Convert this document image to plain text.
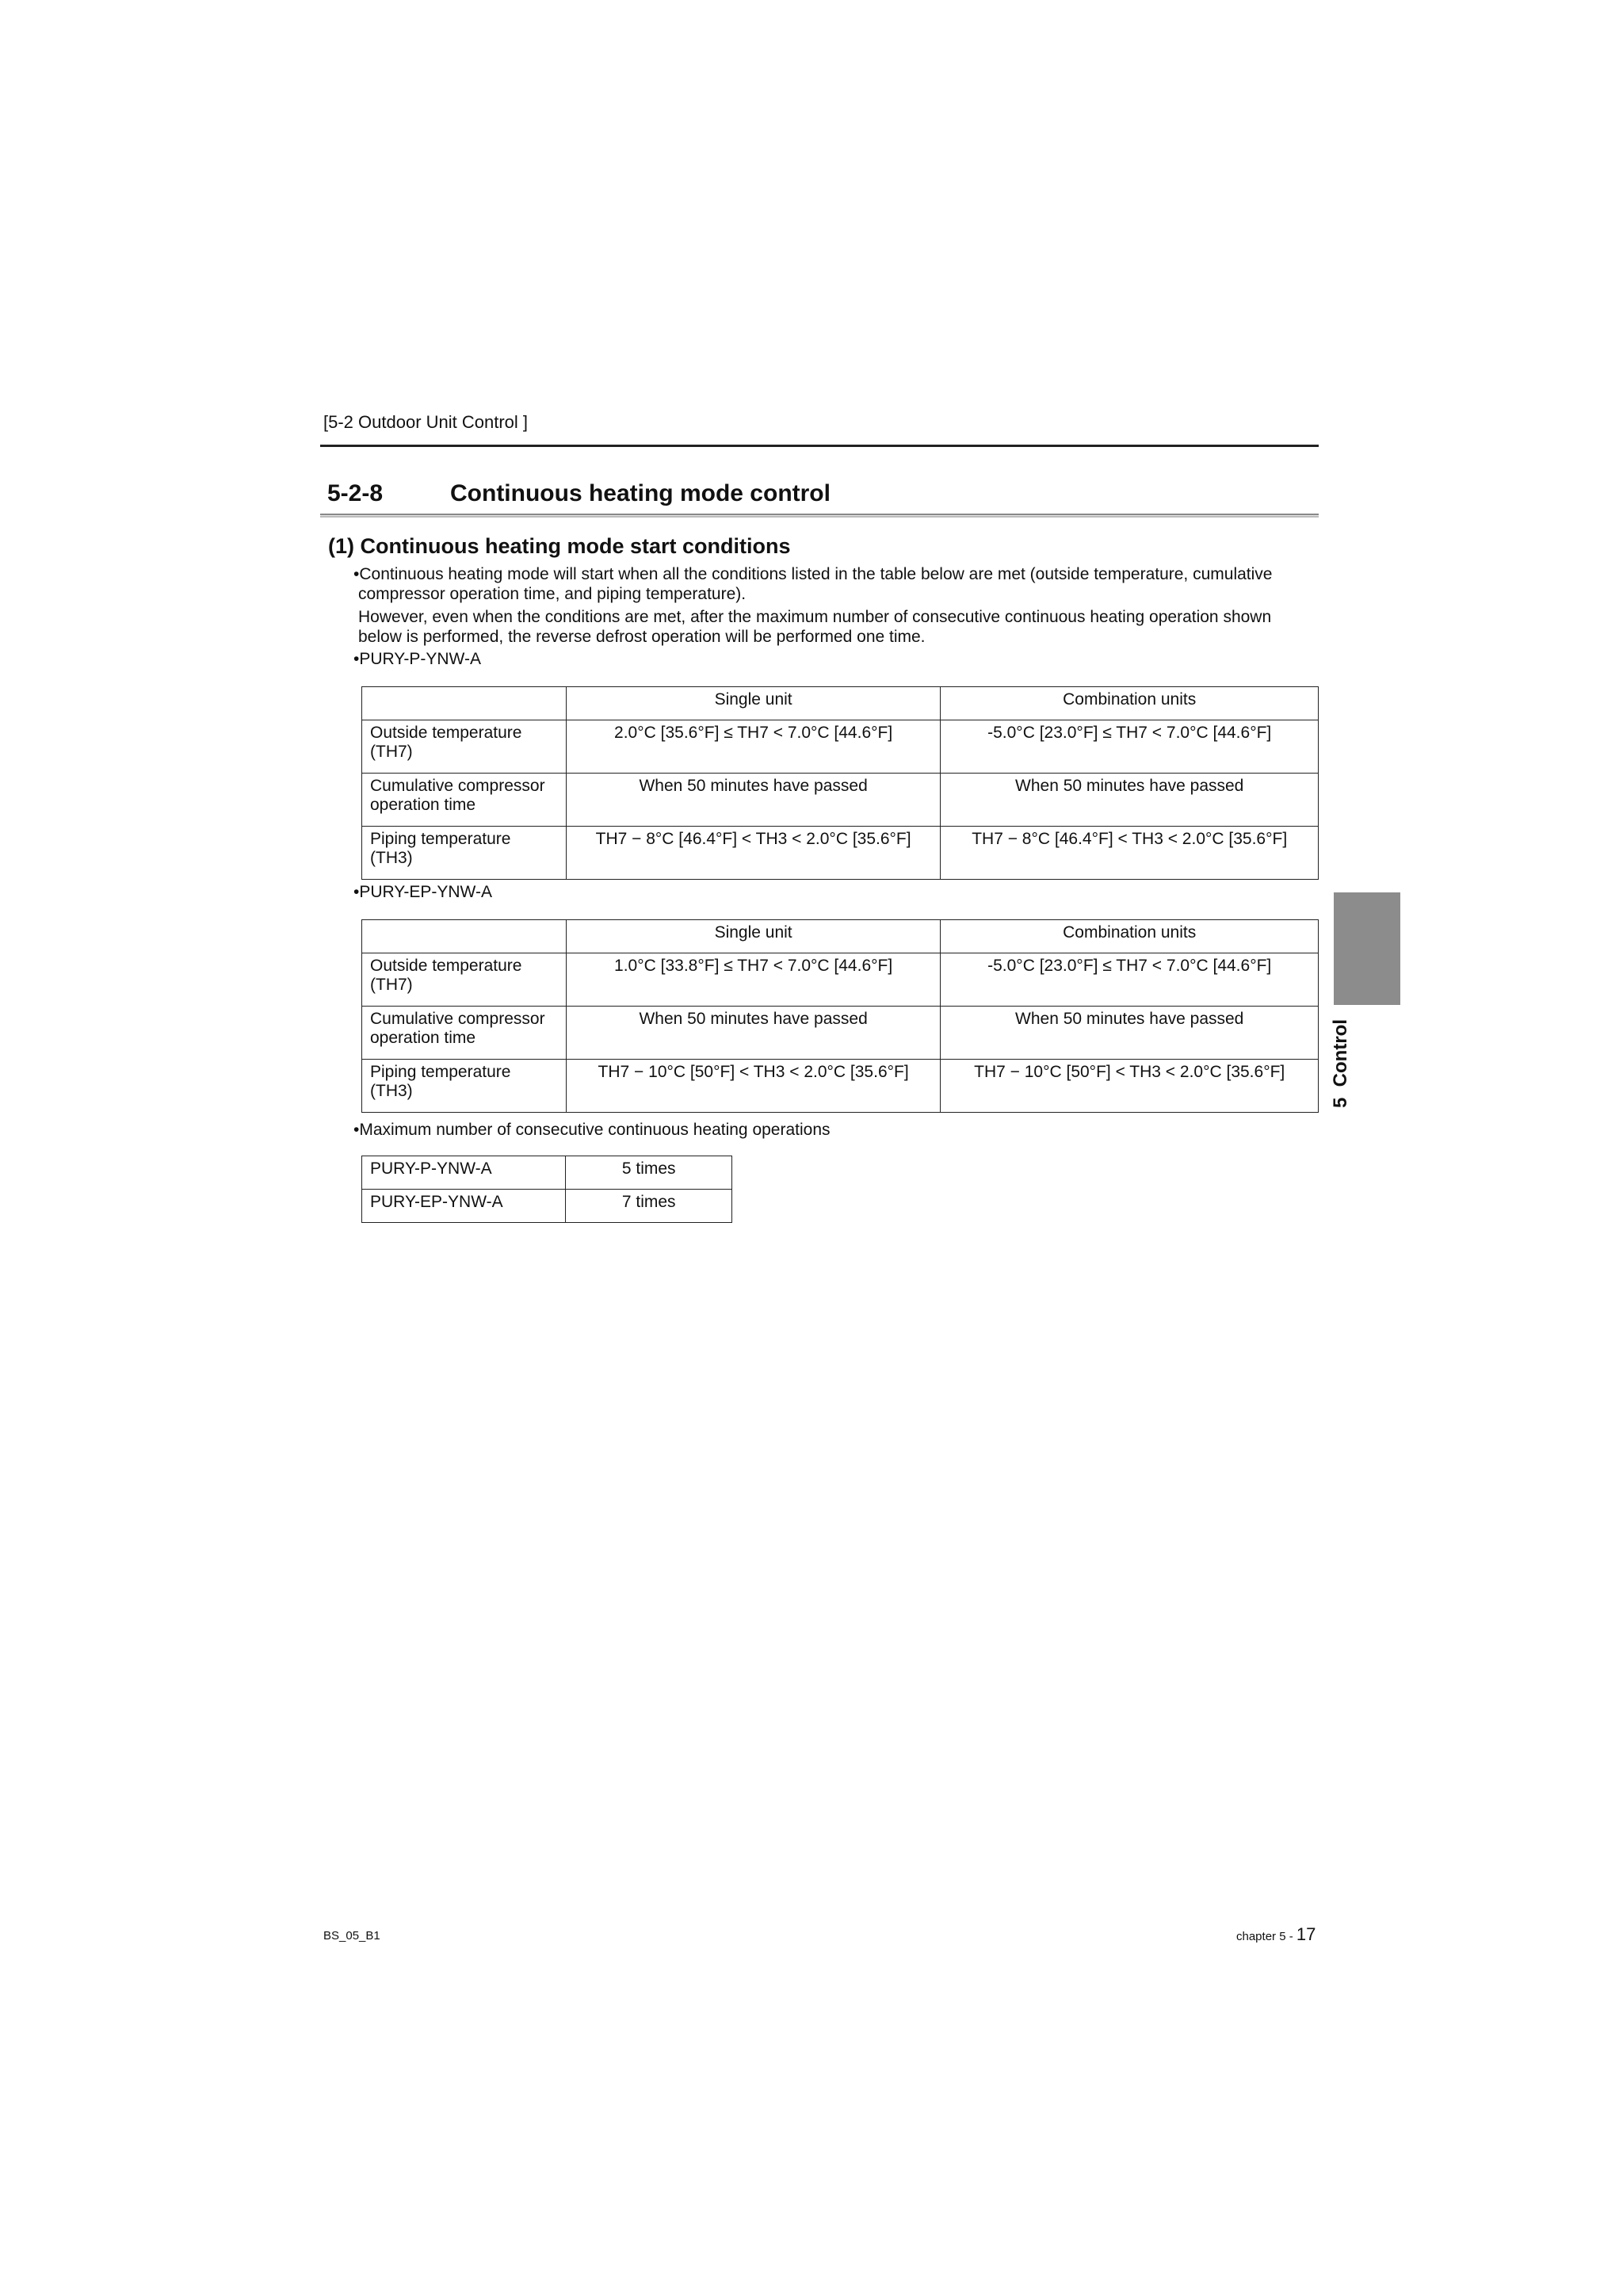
[5-2 Outdoor Unit Control ]
5-2-8	Continuous heating mode control
(1) Continuous heating mode start conditions
•Continuous heating mode will start when all the conditions listed in the table below are met (outside temperature, cumulative
compressor operation time, and piping temperature).
However, even when the conditions are met, after the maximum number of consecutive continuous heating operation shown
below is performed, the reverse defrost operation will be performed one time.
•PURY-P-YNW-A
	Single unit	Combination units
Outside temperature
(TH7)	2.0°C [35.6°F] ≤ TH7 < 7.0°C [44.6°F]	-5.0°C [23.0°F] ≤ TH7 < 7.0°C [44.6°F]
Cumulative compressor
operation time	When 50 minutes have passed	When 50 minutes have passed
Piping temperature
(TH3)	TH7 − 8°C [46.4°F] < TH3 < 2.0°C [35.6°F]	TH7 − 8°C [46.4°F] < TH3 < 2.0°C [35.6°F]
•PURY-EP-YNW-A
	Single unit	Combination units
Outside temperature
(TH7)	1.0°C [33.8°F] ≤ TH7 < 7.0°C [44.6°F]	-5.0°C [23.0°F] ≤ TH7 < 7.0°C [44.6°F]
Cumulative compressor
operation time	When 50 minutes have passed	When 50 minutes have passed
Piping temperature
(TH3)	TH7 − 10°C [50°F] < TH3 < 2.0°C [35.6°F]	TH7 − 10°C [50°F] < TH3 < 2.0°C [35.6°F]
•Maximum number of consecutive continuous heating operations
PURY-P-YNW-A	5 times
PURY-EP-YNW-A	7 times
5  Control
BS_05_B1	chapter 5 - 17
